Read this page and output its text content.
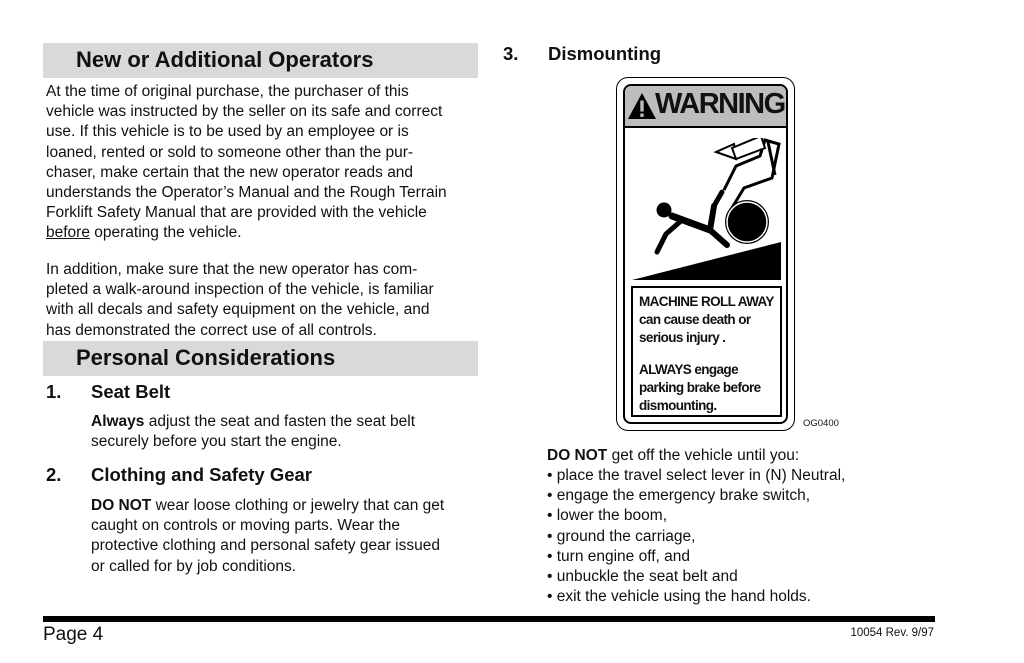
New or Additional Operators
At the time of original purchase, the purchaser of this
vehicle was instructed by the seller on its safe and correct
use. If this vehicle is to be used by an employee or is
loaned, rented or sold to someone other than the pur-
chaser, make certain that the new operator reads and
understands the Operator’s Manual and the Rough Terrain
Forklift Safety Manual that are provided with the vehicle
before operating the vehicle.
In addition, make sure that the new operator has com-
pleted a walk-around inspection of the vehicle, is familiar
with all decals and safety equipment on the vehicle, and
has demonstrated the correct use of all controls.
Personal Considerations
1. Seat Belt
Always adjust the seat and fasten the seat belt
securely before you start the engine.
2. Clothing and Safety Gear
DO NOT wear loose clothing or jewelry that can get
caught on controls or moving parts. Wear the
protective clothing and personal safety gear issued
or called for by job conditions.
3. Dismounting
WARNING
MACHINE ROLL AWAY
can cause death or
serious injury .
ALWAYS engage
parking brake before
dismounting.
OG0400
DO NOT get off the vehicle until you:
• place the travel select lever in (N) Neutral,
• engage the emergency brake switch,
• lower the boom,
• ground the carriage,
• turn engine off, and
• unbuckle the seat belt and
• exit the vehicle using the hand holds.
Page 4	10054 Rev. 9/97
